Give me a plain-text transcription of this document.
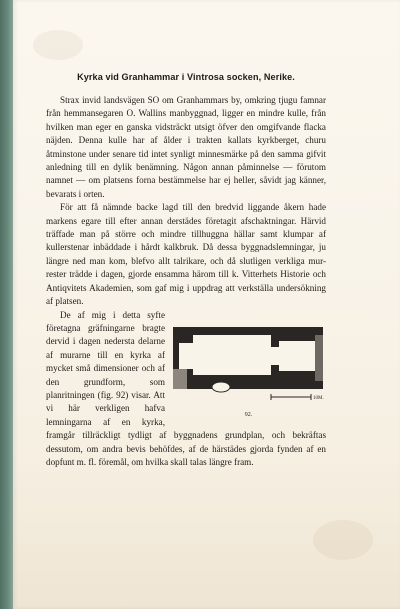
Kyrka vid Granhammar i Vintrosa socken, Nerike.

Strax invid landsvägen SO om Granhammars by, omkring tjugu famnar från hemmansegaren O. Wallins manbyggnad, ligger en mindre kulle, från hvilken man eger en ganska vidsträckt utsigt öfver den omgifvande flacka näjden. Denna kulle har af ålder i trakten kallats kyrkberget, churu åtminstone under senare tid intet synligt minnesmärke på den samma gifvit anledning till en dylik benämning. Någon annan påminnelse — förutom namnet — om platsens forna bestämmelse har ej heller, såvidt jag känner, bevarats i orten.

För att få nämnde backe lagd till den bredvid liggande åkern hade markens egare till efter annan derstädes företagit afschaktningar. Härvid träffade man på större och mindre tillhuggna hällar samt klumpar af kullerstenar inbäddade i hårdt kalkbruk. Då dessa byggnadslemningar, ju längre ned man kom, blefvo allt talrikare, och då slutligen verkliga mur-rester trädde i dagen, gjorde ensamma härom till k. Vitterhets Historie och Antiqvitets Akademien, som gaf mig i uppdrag att verkställa undersökning af platsen.

10M.
92.

De af mig i detta syfte företagna gräfningarne bragte dervid i dagen nedersta delarne af murarne till en kyrka af mycket små dimensioner och af den grundform, som planritningen (fig. 92) visar. Att vi här verkligen hafva lemningarna af en kyrka, framgår tillräckligt tydligt af byggnadens grundplan, och bekräftas dessutom, om andra bevis behöfdes, af de härstädes gjorda fynden af en dopfunt m. fl. föremål, om hvilka skall talas längre fram.
